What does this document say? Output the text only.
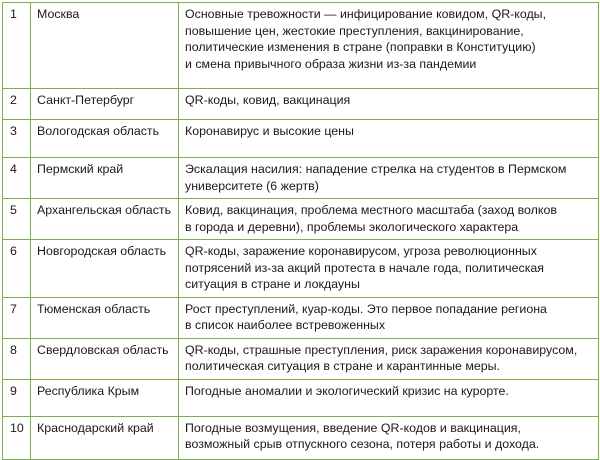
1	Москва	Основные тревожности — инфицирование ковидом, QR-коды,
повышение цен, жестокие преступления, вакцинирование,
политические изменения в стране (поправки в Конституцию)
и смена привычного образа жизни из-за пандемии
2	Санкт-Петербург	QR-коды, ковид, вакцинация
3	Вологодская область	Коронавирус и высокие цены
4	Пермский край	Эскалация насилия: нападение стрелка на студентов в Пермском
университете (6 жертв)
5	Архангельская область	Ковид, вакцинация, проблема местного масштаба (заход волков
в города и деревни), проблемы экологического характера
6	Новгородская область	QR-коды, заражение коронавирусом, угроза революционных
потрясений из-за акций протеста в начале года, политическая
ситуация в стране и локдауны
7	Тюменская область	Рост преступлений, куар-коды. Это первое попадание региона
в список наиболее встревоженных
8	Свердловская область	QR-коды, страшные преступления, риск заражения коронавирусом,
политическая ситуация в стране и карантинные меры.
9	Республика Крым	Погодные аномалии и экологический кризис на курорте.
10	Краснодарский край	Погодные возмущения, введение QR-кодов и вакцинация,
возможный срыв отпускного сезона, потеря работы и дохода.
